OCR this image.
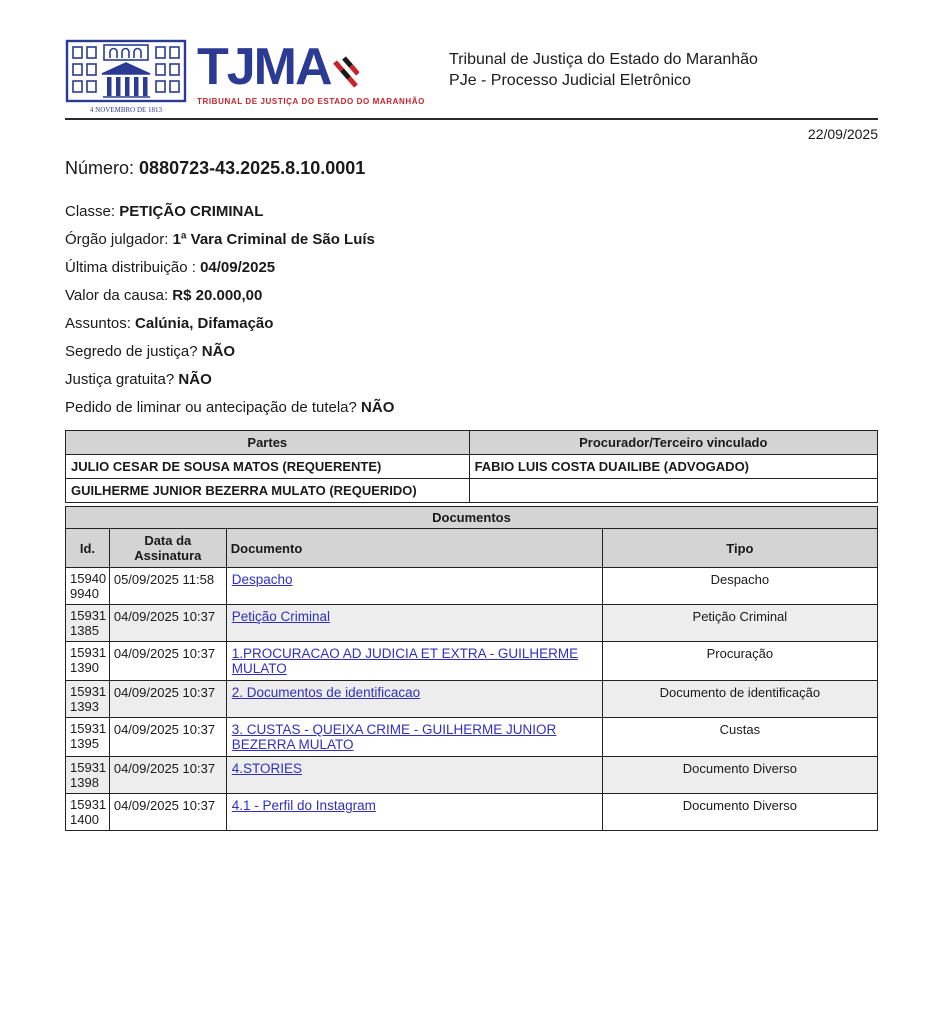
4 NOVEMBRO DE 1813
TJMA
TRIBUNAL DE JUSTIÇA DO ESTADO DO MARANHÃO
Tribunal de Justiça do Estado do Maranhão
PJe - Processo Judicial Eletrônico
22/09/2025
Número: 0880723-43.2025.8.10.0001
Classe: PETIÇÃO CRIMINAL
Órgão julgador: 1ª Vara Criminal de São Luís
Última distribuição : 04/09/2025
Valor da causa: R$ 20.000,00
Assuntos: Calúnia, Difamação
Segredo de justiça? NÃO
Justiça gratuita? NÃO
Pedido de liminar ou antecipação de tutela? NÃO
Partes	Procurador/Terceiro vinculado
JULIO CESAR DE SOUSA MATOS (REQUERENTE)	FABIO LUIS COSTA DUAILIBE (ADVOGADO)
GUILHERME JUNIOR BEZERRA MULATO (REQUERIDO)	
Documentos			
Id.	Data da Assinatura	Documento	Tipo
15940 9940	05/09/2025 11:58	Despacho	Despacho
15931 1385	04/09/2025 10:37	Petição Criminal	Petição Criminal
15931 1390	04/09/2025 10:37	1.PROCURACAO AD JUDICIA ET EXTRA - GUILHERME MULATO	Procuração
15931 1393	04/09/2025 10:37	2. Documentos de identificacao	Documento de identificação
15931 1395	04/09/2025 10:37	3. CUSTAS - QUEIXA CRIME - GUILHERME JUNIOR BEZERRA MULATO	Custas
15931 1398	04/09/2025 10:37	4.STORIES	Documento Diverso
15931 1400	04/09/2025 10:37	4.1 - Perfil do Instagram	Documento Diverso
